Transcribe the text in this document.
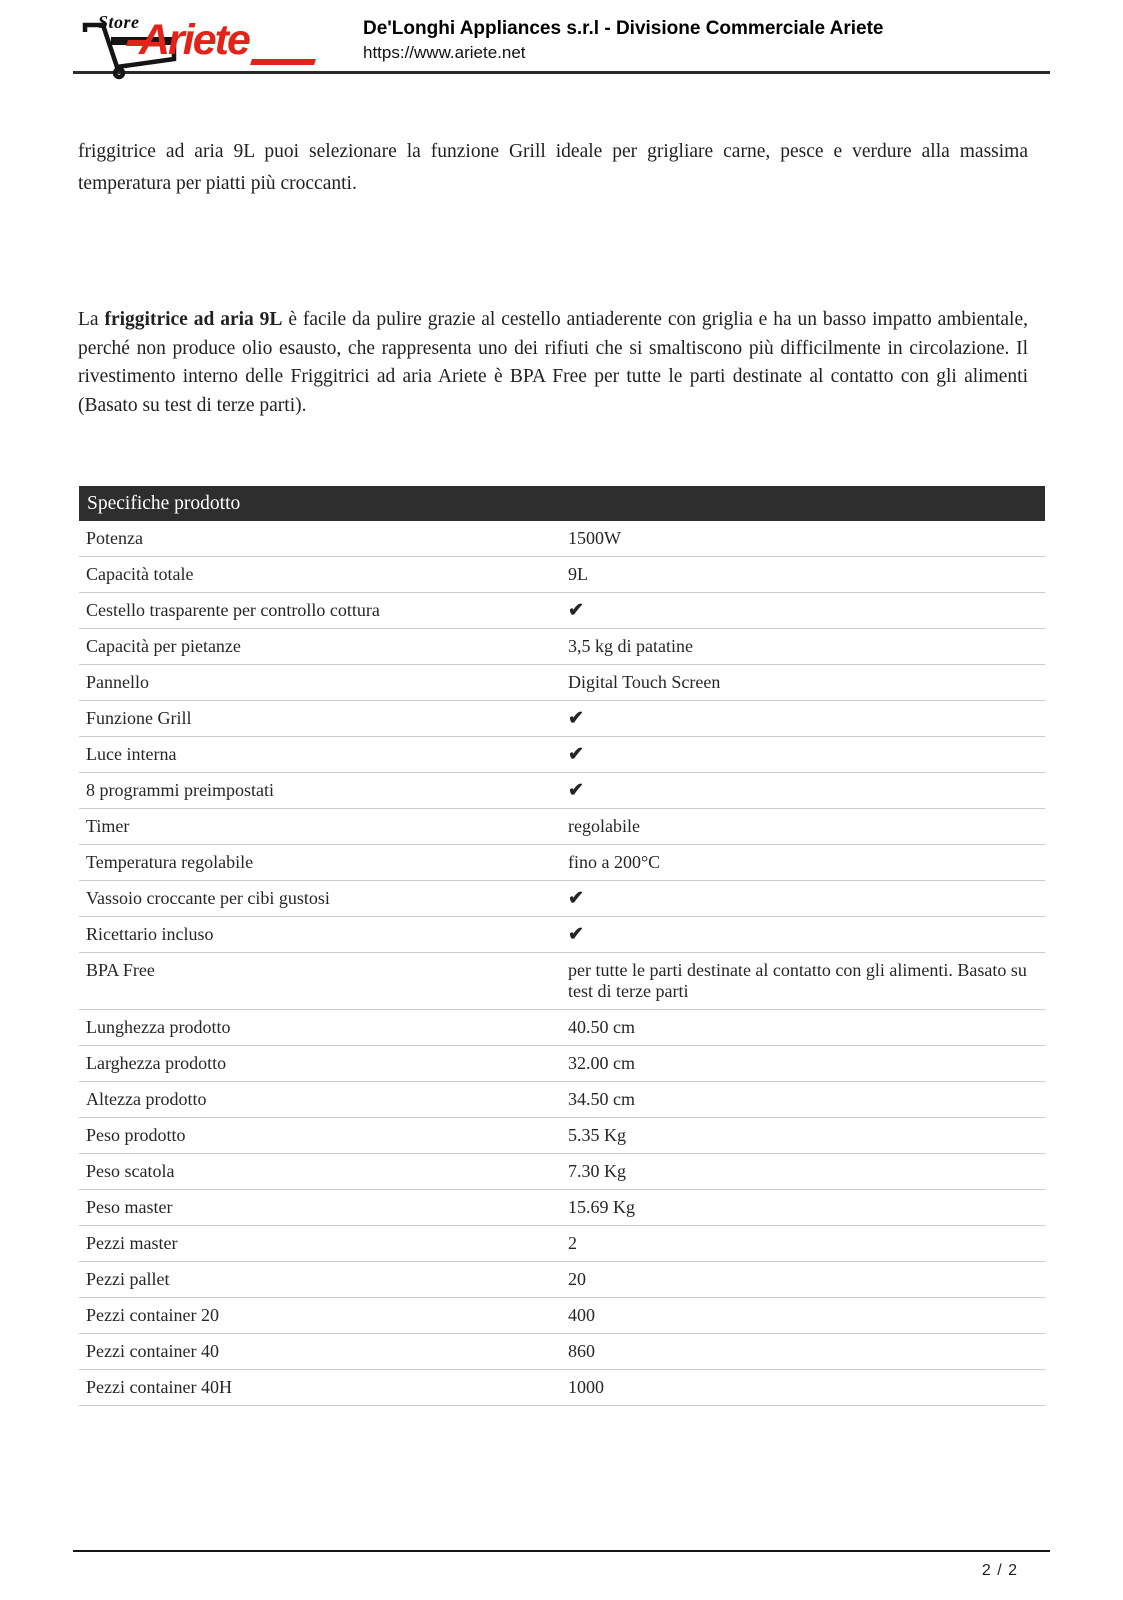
Store Ariete	De'Longhi Appliances s.r.l - Divisione Commerciale Ariete
https://www.ariete.net

friggitrice ad aria 9L puoi selezionare la funzione Grill ideale per grigliare carne, pesce e verdure alla massima temperatura per piatti più croccanti.

La friggitrice ad aria 9L è facile da pulire grazie al cestello antiaderente con griglia e ha un basso impatto ambientale, perché non produce olio esausto, che rappresenta uno dei rifiuti che si smaltiscono più difficilmente in circolazione. Il rivestimento interno delle Friggitrici ad aria Ariete è BPA Free per tutte le parti destinate al contatto con gli alimenti (Basato su test di terze parti).

Specifiche prodotto
Potenza	1500W
Capacità totale	9L
Cestello trasparente per controllo cottura	✔
Capacità per pietanze	3,5 kg di patatine
Pannello	Digital Touch Screen
Funzione Grill	✔
Luce interna	✔
8 programmi preimpostati	✔
Timer	regolabile
Temperatura regolabile	fino a 200°C
Vassoio croccante per cibi gustosi	✔
Ricettario incluso	✔
BPA Free	per tutte le parti destinate al contatto con gli alimenti. Basato su test di terze parti
Lunghezza prodotto	40.50 cm
Larghezza prodotto	32.00 cm
Altezza prodotto	34.50 cm
Peso prodotto	5.35 Kg
Peso scatola	7.30 Kg
Peso master	15.69 Kg
Pezzi master	2
Pezzi pallet	20
Pezzi container 20	400
Pezzi container 40	860
Pezzi container 40H	1000
2 / 2
